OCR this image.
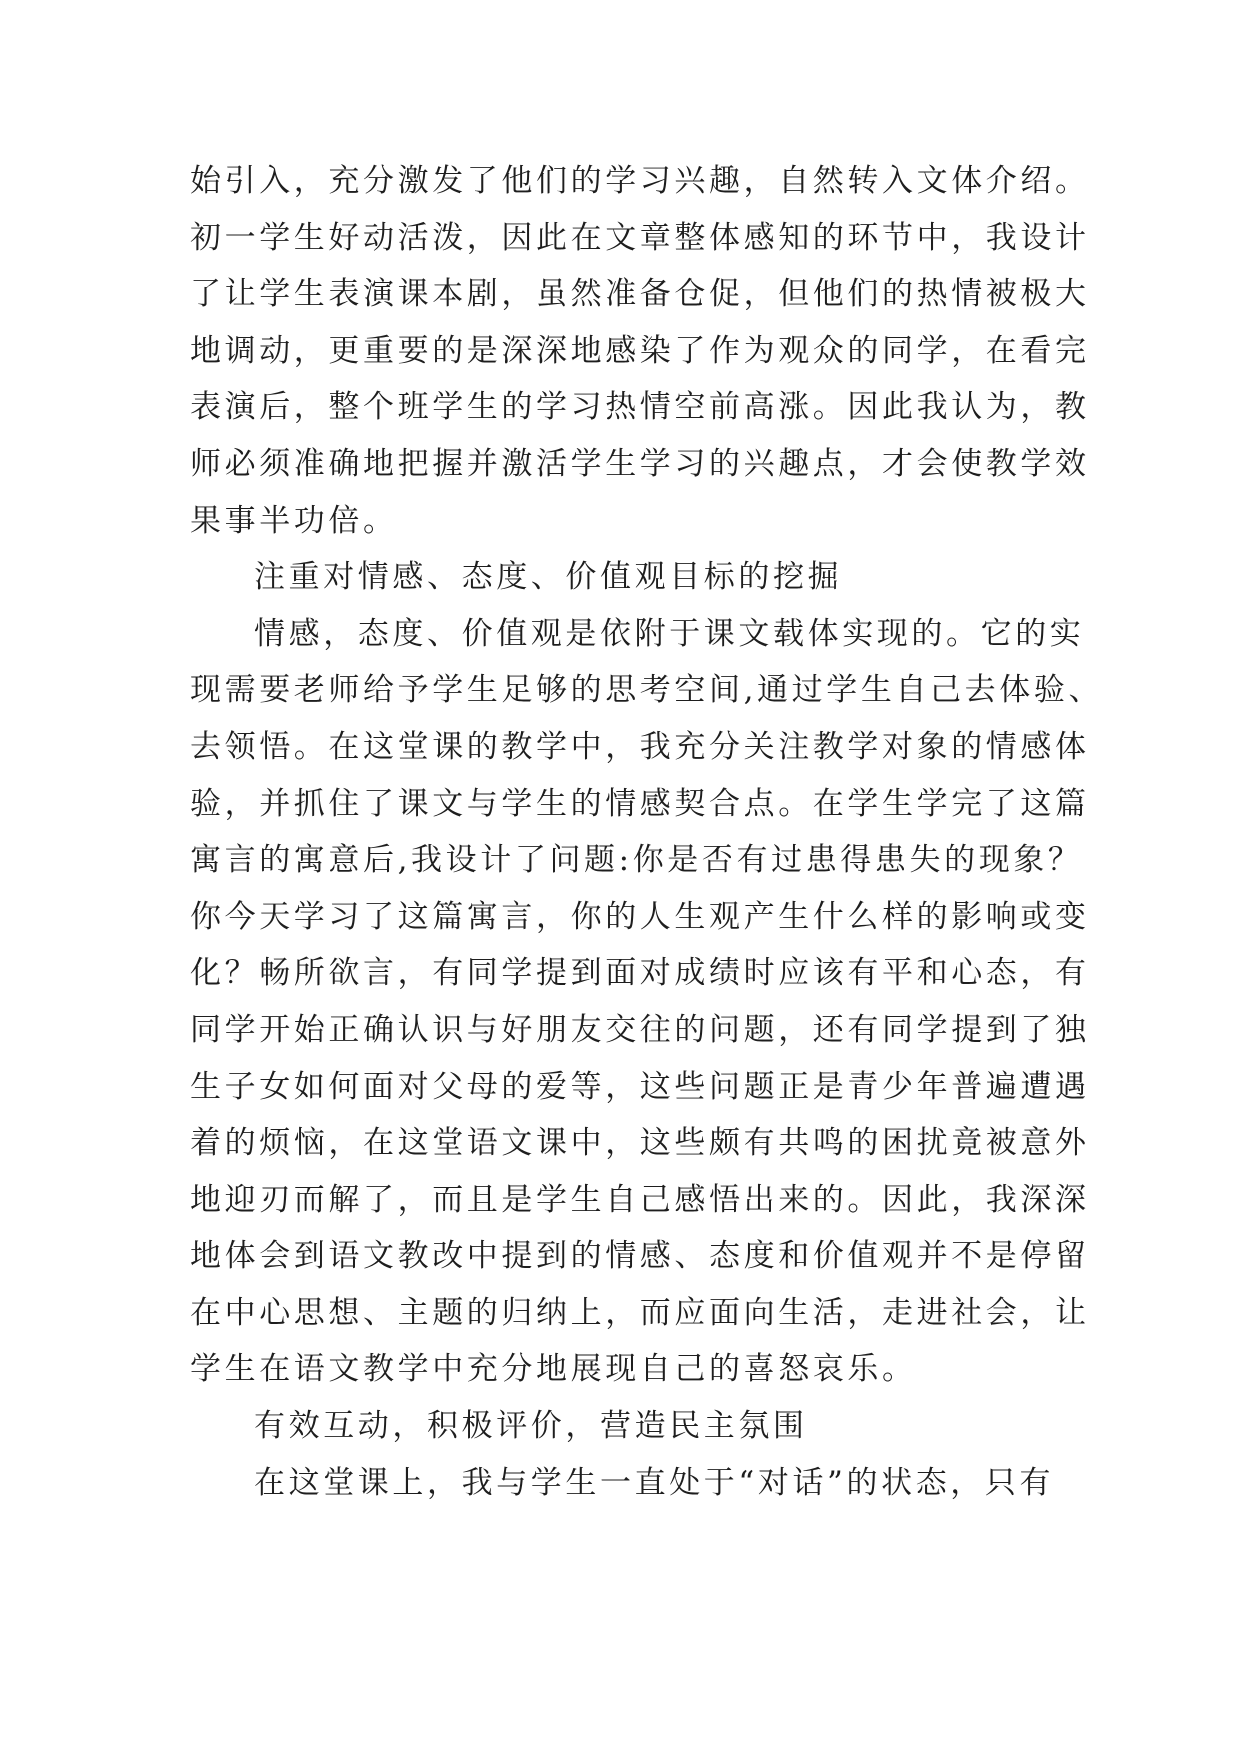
始引入，充分激发了他们的学习兴趣，自然转入文体介绍。
初一学生好动活泼，因此在文章整体感知的环节中，我设计
了让学生表演课本剧，虽然准备仓促，但他们的热情被极大
地调动，更重要的是深深地感染了作为观众的同学，在看完
表演后，整个班学生的学习热情空前高涨。因此我认为，教
师必须准确地把握并激活学生学习的兴趣点，才会使教学效
果事半功倍。
注重对情感、态度、价值观目标的挖掘
情感，态度、价值观是依附于课文载体实现的。它的实
现需要老师给予学生足够的思考空间,通过学生自己去体验、
去领悟。在这堂课的教学中，我充分关注教学对象的情感体
验，并抓住了课文与学生的情感契合点。在学生学完了这篇
寓言的寓意后,我设计了问题:你是否有过患得患失的现象？
你今天学习了这篇寓言，你的人生观产生什么样的影响或变
化？畅所欲言，有同学提到面对成绩时应该有平和心态，有
同学开始正确认识与好朋友交往的问题，还有同学提到了独
生子女如何面对父母的爱等，这些问题正是青少年普遍遭遇
着的烦恼，在这堂语文课中，这些颇有共鸣的困扰竟被意外
地迎刃而解了，而且是学生自己感悟出来的。因此，我深深
地体会到语文教改中提到的情感、态度和价值观并不是停留
在中心思想、主题的归纳上，而应面向生活，走进社会，让
学生在语文教学中充分地展现自己的喜怒哀乐。
有效互动，积极评价，营造民主氛围
在这堂课上，我与学生一直处于“对话”的状态，只有
